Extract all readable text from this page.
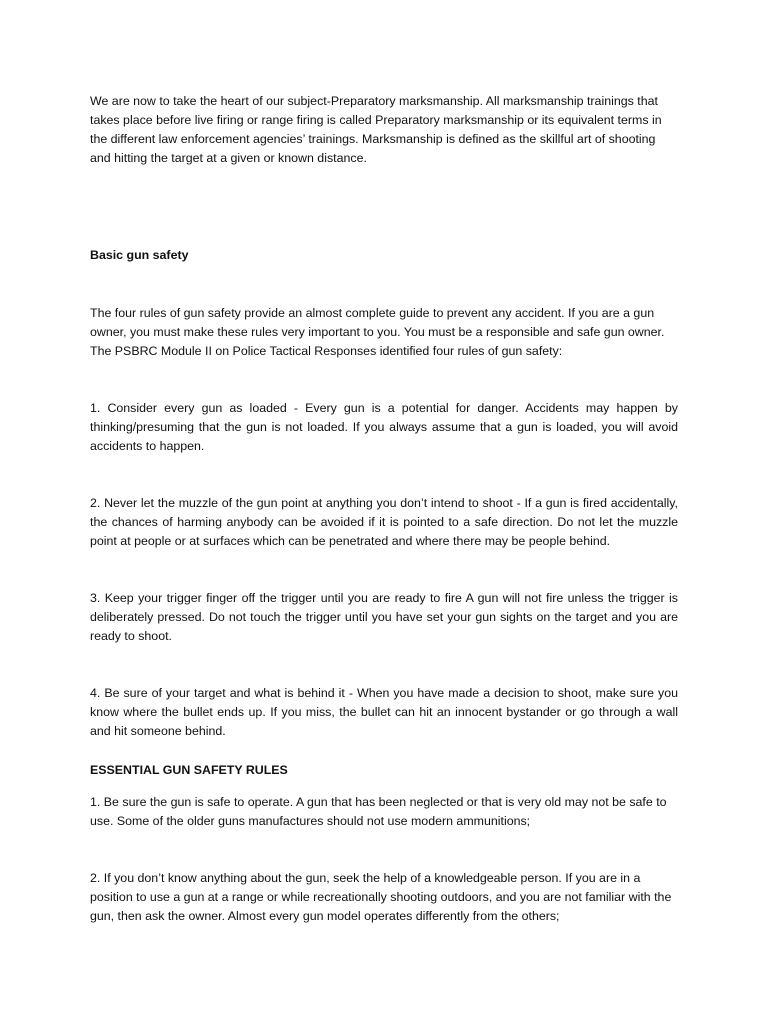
We are now to take the heart of our subject-Preparatory marksmanship. All marksmanship trainings that takes place before live firing or range firing is called Preparatory marksmanship or its equivalent terms in the different law enforcement agencies’ trainings. Marksmanship is defined as the skillful art of shooting and hitting the target at a given or known distance.

Basic gun safety

The four rules of gun safety provide an almost complete guide to prevent any accident. If you are a gun owner, you must make these rules very important to you. You must be a responsible and safe gun owner. The PSBRC Module II on Police Tactical Responses identified four rules of gun safety:

1. Consider every gun as loaded - Every gun is a potential for danger. Accidents may happen by thinking/presuming that the gun is not loaded. If you always assume that a gun is loaded, you will avoid accidents to happen.

2. Never let the muzzle of the gun point at anything you don’t intend to shoot - If a gun is fired accidentally, the chances of harming anybody can be avoided if it is pointed to a safe direction. Do not let the muzzle point at people or at surfaces which can be penetrated and where there may be people behind.

3. Keep your trigger finger off the trigger until you are ready to fire A gun will not fire unless the trigger is deliberately pressed. Do not touch the trigger until you have set your gun sights on the target and you are ready to shoot.

4. Be sure of your target and what is behind it - When you have made a decision to shoot, make sure you know where the bullet ends up. If you miss, the bullet can hit an innocent bystander or go through a wall and hit someone behind.

ESSENTIAL GUN SAFETY RULES

1. Be sure the gun is safe to operate. A gun that has been neglected or that is very old may not be safe to use. Some of the older guns manufactures should not use modern ammunitions;

2. If you don’t know anything about the gun, seek the help of a knowledgeable person. If you are in a position to use a gun at a range or while recreationally shooting outdoors, and you are not familiar with the gun, then ask the owner. Almost every gun model operates differently from the others;
